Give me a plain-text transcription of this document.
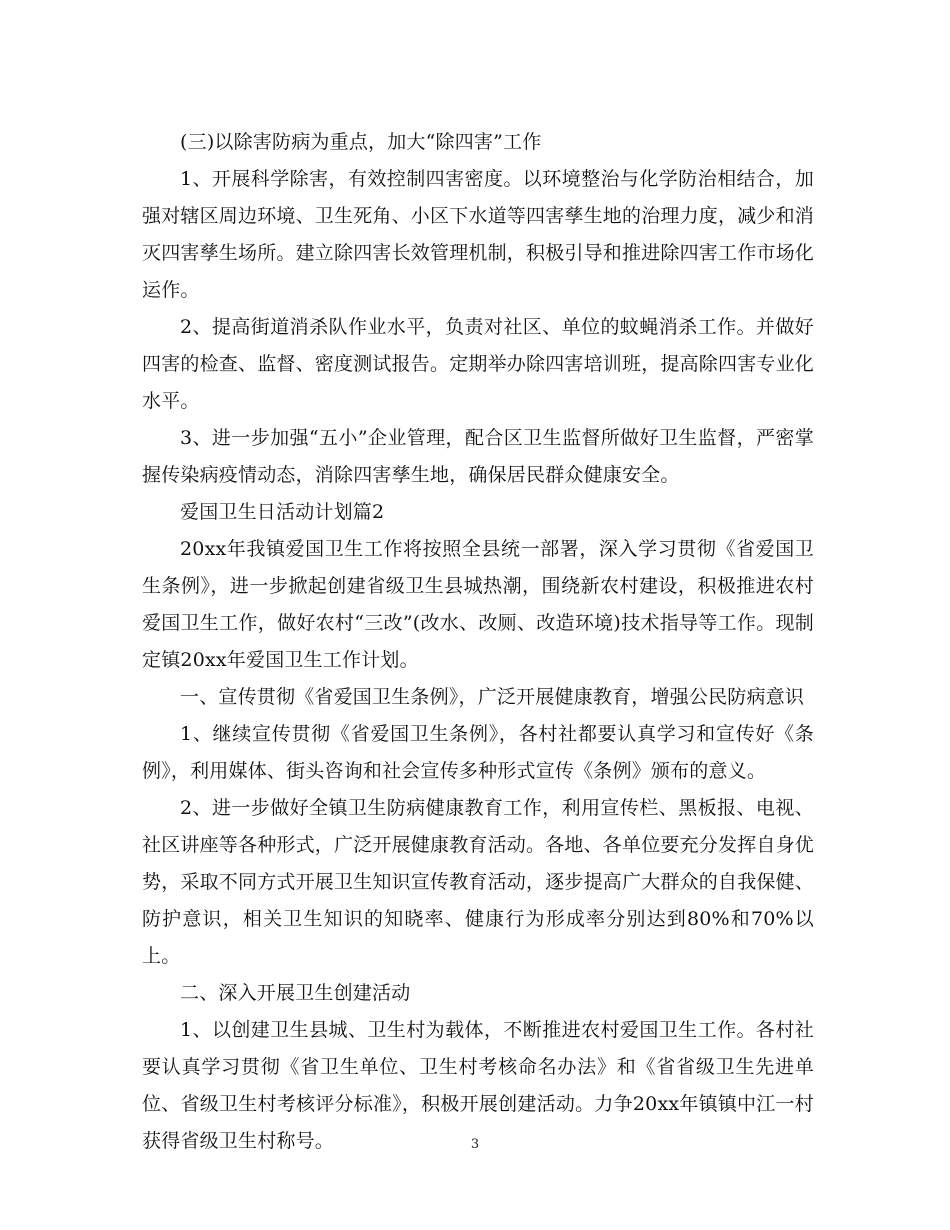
(三)以除害防病为重点，加大“除四害”工作

1、开展科学除害，有效控制四害密度。以环境整治与化学防治相结合，加强对辖区周边环境、卫生死角、小区下水道等四害孳生地的治理力度，减少和消灭四害孳生场所。建立除四害长效管理机制，积极引导和推进除四害工作市场化运作。

2、提高街道消杀队作业水平，负责对社区、单位的蚊蝇消杀工作。并做好四害的检查、监督、密度测试报告。定期举办除四害培训班，提高除四害专业化水平。

3、进一步加强“五小”企业管理，配合区卫生监督所做好卫生监督，严密掌握传染病疫情动态，消除四害孳生地，确保居民群众健康安全。

爱国卫生日活动计划篇2

20xx年我镇爱国卫生工作将按照全县统一部署，深入学习贯彻《省爱国卫生条例》，进一步掀起创建省级卫生县城热潮，围绕新农村建设，积极推进农村爱国卫生工作，做好农村“三改”(改水、改厕、改造环境)技术指导等工作。现制定镇20xx年爱国卫生工作计划。

一、宣传贯彻《省爱国卫生条例》，广泛开展健康教育，增强公民防病意识

1、继续宣传贯彻《省爱国卫生条例》，各村社都要认真学习和宣传好《条例》，利用媒体、街头咨询和社会宣传多种形式宣传《条例》颁布的意义。

2、进一步做好全镇卫生防病健康教育工作，利用宣传栏、黑板报、电视、社区讲座等各种形式，广泛开展健康教育活动。各地、各单位要充分发挥自身优势，采取不同方式开展卫生知识宣传教育活动，逐步提高广大群众的自我保健、防护意识，相关卫生知识的知晓率、健康行为形成率分别达到80%和70%以上。

二、深入开展卫生创建活动

1、以创建卫生县城、卫生村为载体，不断推进农村爱国卫生工作。各村社要认真学习贯彻《省卫生单位、卫生村考核命名办法》和《省省级卫生先进单位、省级卫生村考核评分标准》，积极开展创建活动。力争20xx年镇镇中江一村获得省级卫生村称号。	3
